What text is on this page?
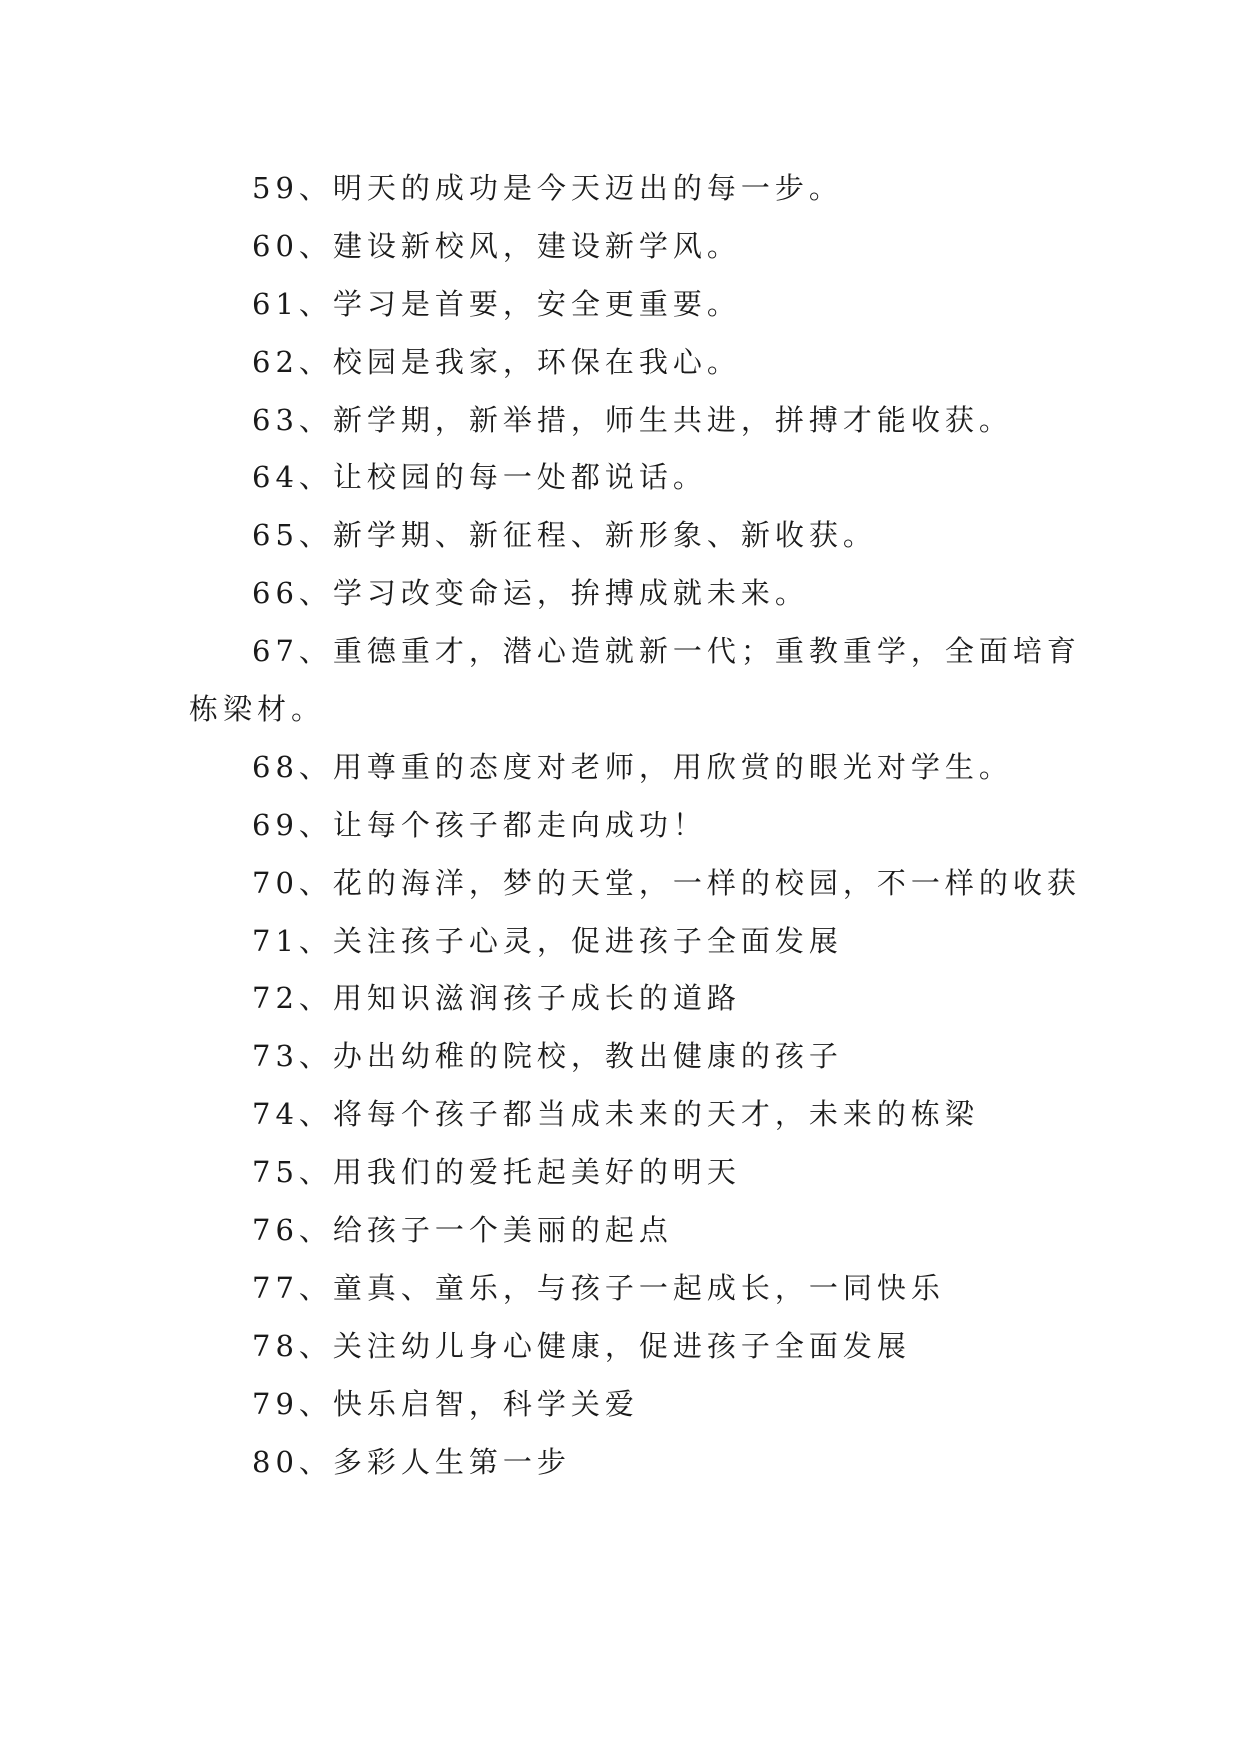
59、明天的成功是今天迈出的每一步。
60、建设新校风，建设新学风。
61、学习是首要，安全更重要。
62、校园是我家，环保在我心。
63、新学期，新举措，师生共进，拼搏才能收获。
64、让校园的每一处都说话。
65、新学期、新征程、新形象、新收获。
66、学习改变命运，拚搏成就未来。
67、重德重才，潜心造就新一代；重教重学，全面培育
栋梁材。
68、用尊重的态度对老师，用欣赏的眼光对学生。
69、让每个孩子都走向成功！
70、花的海洋，梦的天堂，一样的校园，不一样的收获
71、关注孩子心灵，促进孩子全面发展
72、用知识滋润孩子成长的道路
73、办出幼稚的院校，教出健康的孩子
74、将每个孩子都当成未来的天才，未来的栋梁
75、用我们的爱托起美好的明天
76、给孩子一个美丽的起点
77、童真、童乐，与孩子一起成长，一同快乐
78、关注幼儿身心健康，促进孩子全面发展
79、快乐启智，科学关爱
80、多彩人生第一步
